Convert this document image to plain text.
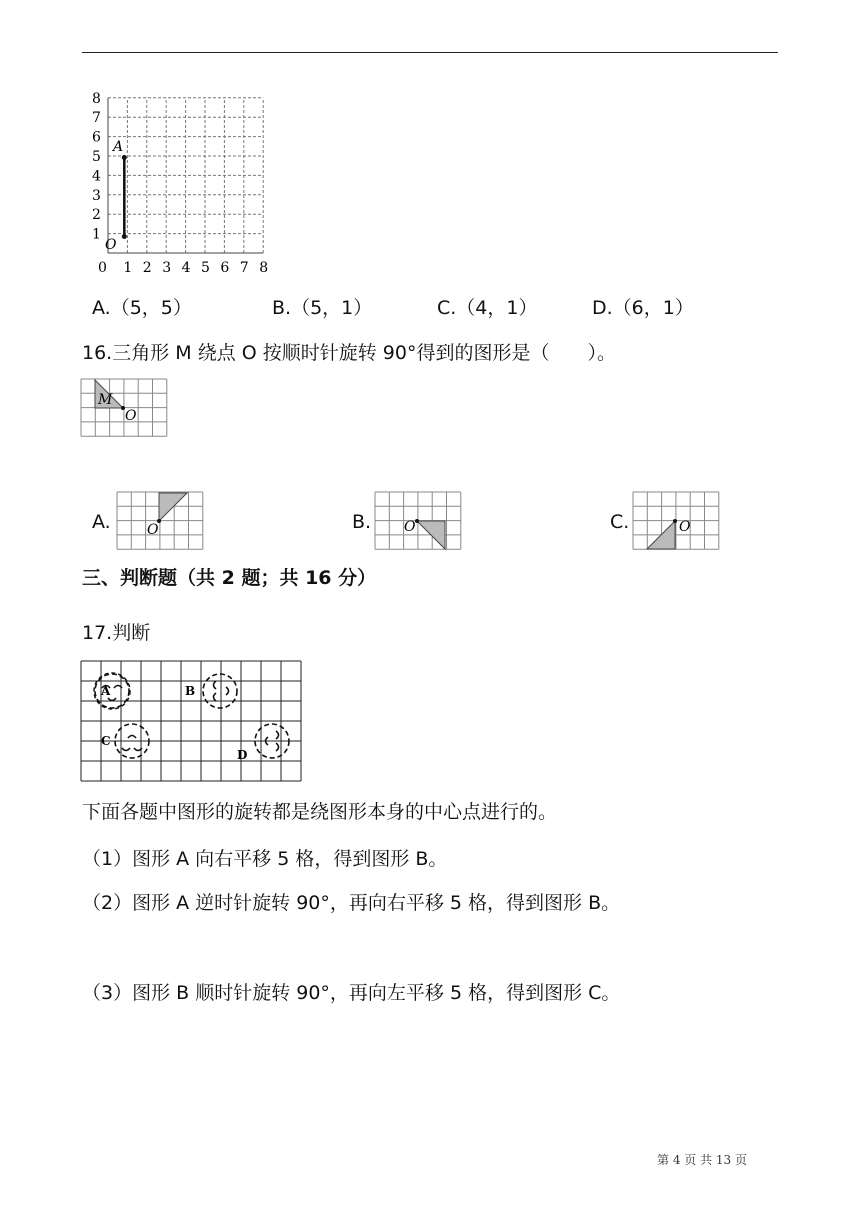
A
O
1
2
3
4
5
6
7
8
0 1 2 3 4 5 6 7 8
A.（5，5）	B.（5，1）	C.（4，1）	D.（6，1）
16.三角形 M 绕点 O 按顺时针旋转 90°得到的图形是（　　）。
M
O
A.	O	B. O	C.	O
三、判断题（共 2 题；共 16 分）
17.判断
A	B
C
D
下面各题中图形的旋转都是绕图形本身的中心点进行的。
（1）图形 A 向右平移 5 格，得到图形 B。
（2）图形 A 逆时针旋转 90°，再向右平移 5 格，得到图形 B。
（3）图形 B 顺时针旋转 90°，再向左平移 5 格，得到图形 C。
第 4 页 共 13 页
